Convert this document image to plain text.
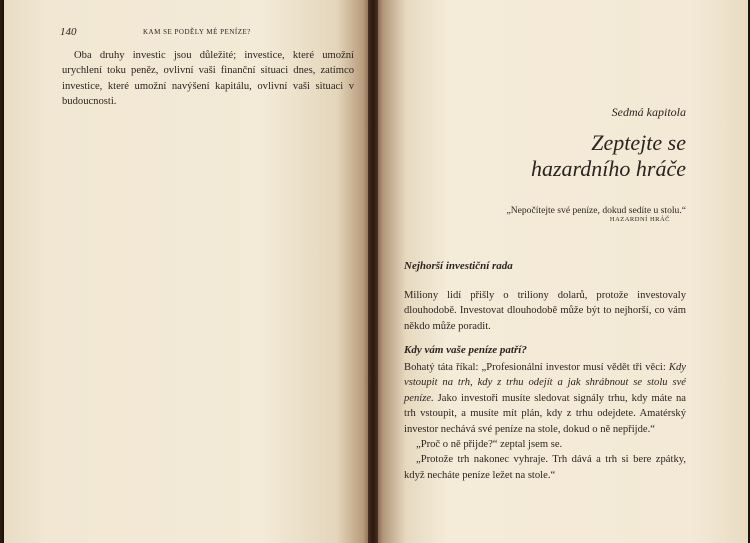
140	KAM SE PODĚLY MÉ PENÍZE?
Oba druhy investic jsou důležité; investice, které umožní urychlení toku peněz, ovlivní vaši finanční situaci dnes, zatímco investice, které umožní navýšení kapitálu, ovlivní vaši situaci v budoucnosti.
Sedmá kapitola
Zeptejte se
hazardního hráče
„Nepočítejte své peníze, dokud sedíte u stolu.“
HAZARDNÍ HRÁČ
Nejhorší investiční rada

Miliony lidí přišly o triliony dolarů, protože investovaly dlouhodobě. Investovat dlouhodobě může být to nejhorší, co vám někdo může poradit.

Kdy vám vaše peníze patří?

Bohatý táta říkal: „Profesionální investor musí vědět tři věci: Kdy vstoupit na trh, kdy z trhu odejít a jak shrábnout se stolu své peníze. Jako investoři musíte sledovat signály trhu, kdy máte na trh vstoupit, a musíte mít plán, kdy z trhu odejdete. Amatérský investor nechává své peníze na stole, dokud o ně nepřijde.“

„Proč o ně přijde?“ zeptal jsem se.

„Protože trh nakonec vyhraje. Trh dává a trh si bere zpátky, když necháte peníze ležet na stole.“
